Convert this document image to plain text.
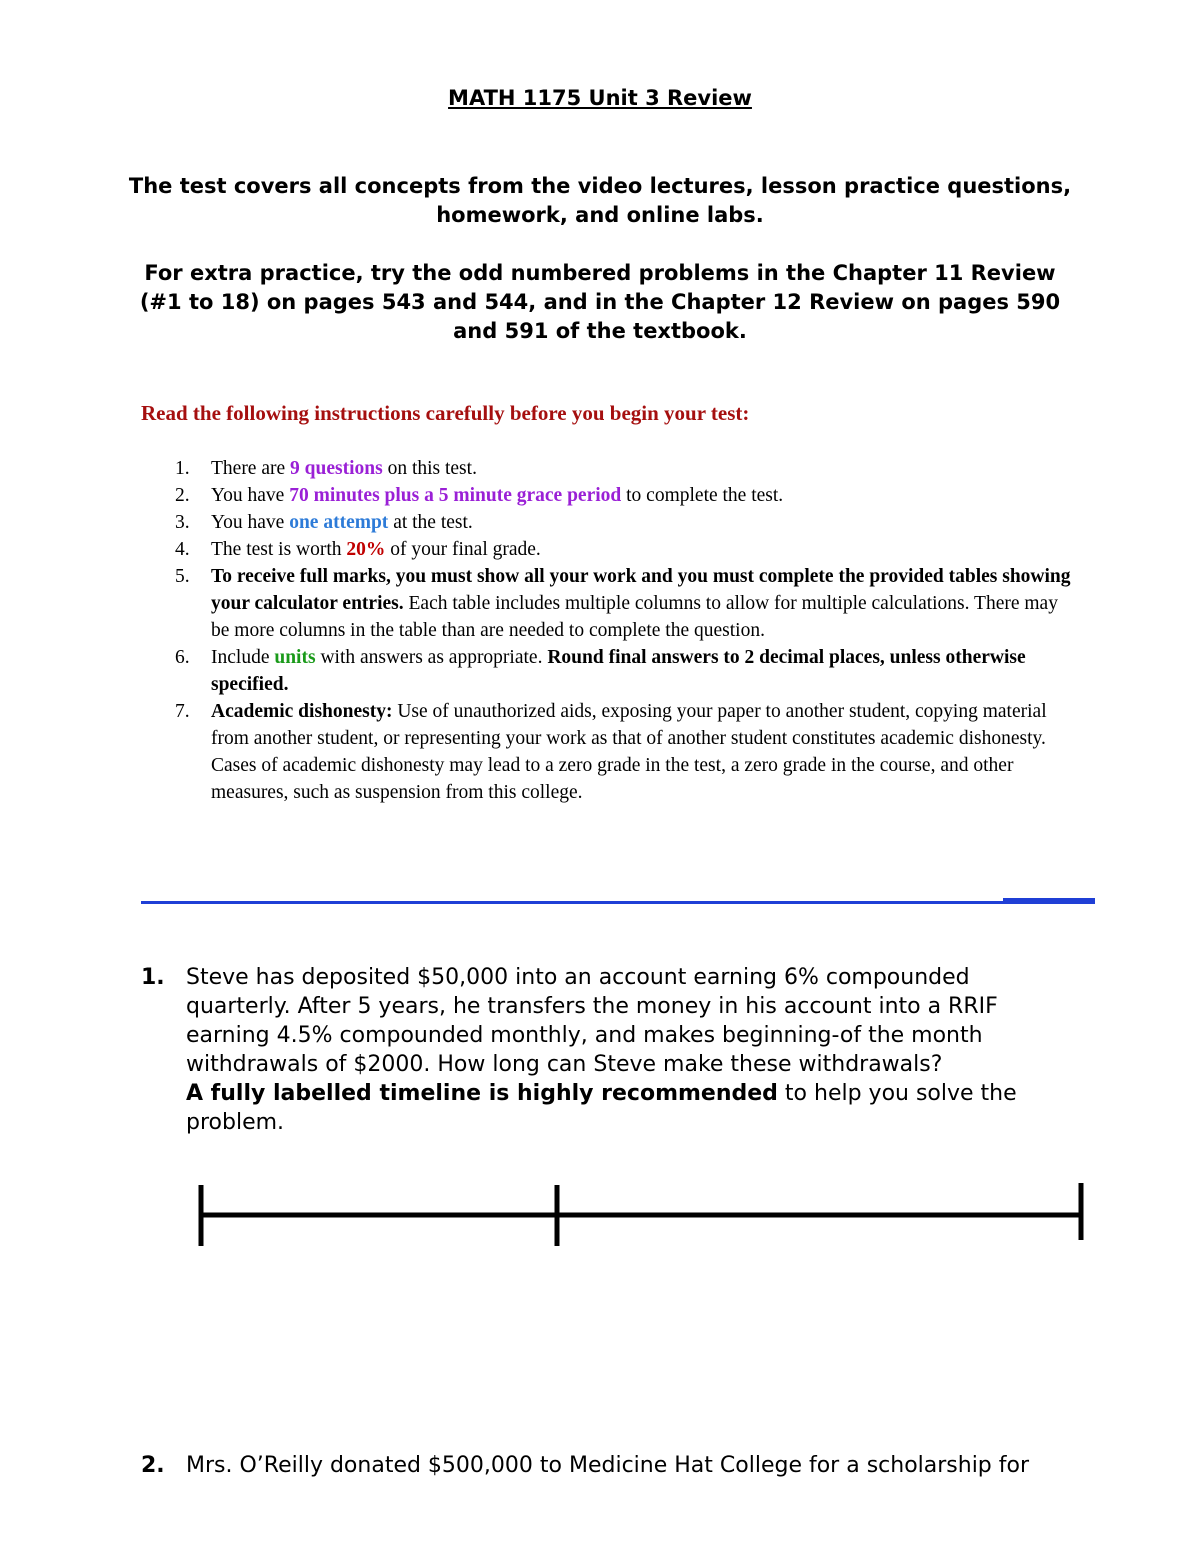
MATH 1175 Unit 3 Review
The test covers all concepts from the video lectures, lesson practice questions, homework, and online labs.
For extra practice, try the odd numbered problems in the Chapter 11 Review (#1 to 18) on pages 543 and 544, and in the Chapter 12 Review on pages 590 and 591 of the textbook.
Read the following instructions carefully before you begin your test:
1. There are 9 questions on this test.
2. You have 70 minutes plus a 5 minute grace period to complete the test.
3. You have one attempt at the test.
4. The test is worth 20% of your final grade.
5. To receive full marks, you must show all your work and you must complete the provided tables showing your calculator entries. Each table includes multiple columns to allow for multiple calculations. There may be more columns in the table than are needed to complete the question.
6. Include units with answers as appropriate. Round final answers to 2 decimal places, unless otherwise specified.
7. Academic dishonesty: Use of unauthorized aids, exposing your paper to another student, copying material from another student, or representing your work as that of another student constitutes academic dishonesty. Cases of academic dishonesty may lead to a zero grade in the test, a zero grade in the course, and other measures, such as suspension from this college.
1. Steve has deposited $50,000 into an account earning 6% compounded quarterly. After 5 years, he transfers the money in his account into a RRIF earning 4.5% compounded monthly, and makes beginning-of the month withdrawals of $2000. How long can Steve make these withdrawals?
A fully labelled timeline is highly recommended to help you solve the problem.
2. Mrs. O’Reilly donated $500,000 to Medicine Hat College for a scholarship for
